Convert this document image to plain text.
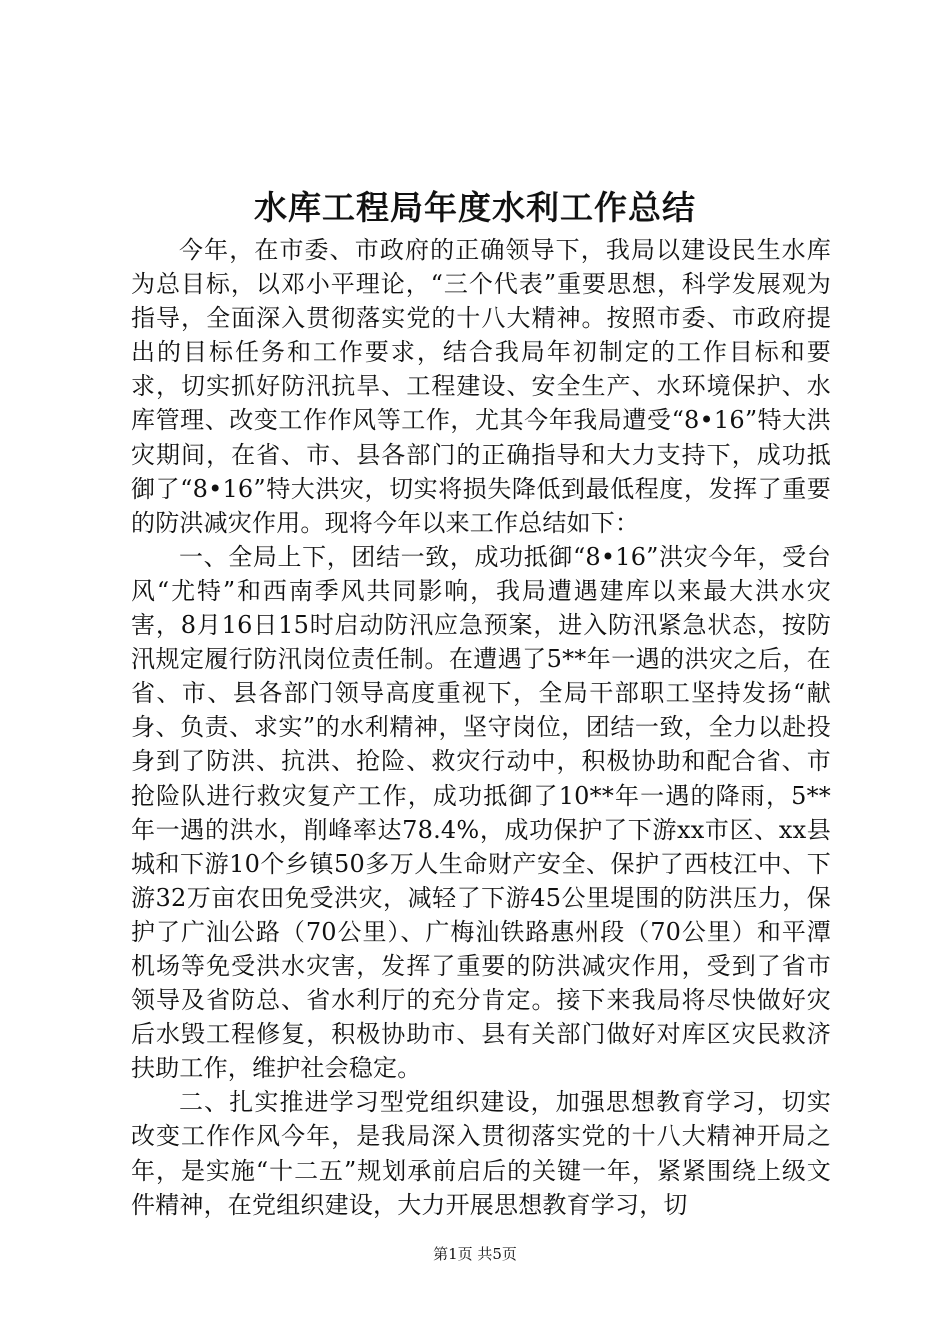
水库工程局年度水利工作总结

今年，在市委、市政府的正确领导下，我局以建设民生水库为总目标，以邓小平理论，“三个代表”重要思想，科学发展观为指导，全面深入贯彻落实党的十八大精神。按照市委、市政府提出的目标任务和工作要求，结合我局年初制定的工作目标和要求，切实抓好防汛抗旱、工程建设、安全生产、水环境保护、水库管理、改变工作作风等工作，尤其今年我局遭受“8•16”特大洪灾期间，在省、市、县各部门的正确指导和大力支持下，成功抵御了“8•16”特大洪灾，切实将损失降低到最低程度，发挥了重要的防洪减灾作用。现将今年以来工作总结如下：

一、全局上下，团结一致，成功抵御“8•16”洪灾今年，受台风“尤特”和西南季风共同影响，我局遭遇建库以来最大洪水灾害，8月16日15时启动防汛应急预案，进入防汛紧急状态，按防汛规定履行防汛岗位责任制。在遭遇了5**年一遇的洪灾之后，在省、市、县各部门领导高度重视下，全局干部职工坚持发扬“献身、负责、求实”的水利精神，坚守岗位，团结一致，全力以赴投身到了防洪、抗洪、抢险、救灾行动中，积极协助和配合省、市抢险队进行救灾复产工作，成功抵御了10**年一遇的降雨，5**年一遇的洪水，削峰率达78.4%，成功保护了下游xx市区、xx县城和下游10个乡镇50多万人生命财产安全、保护了西枝江中、下游32万亩农田免受洪灾，减轻了下游45公里堤围的防洪压力，保护了广汕公路（70公里）、广梅汕铁路惠州段（70公里）和平潭机场等免受洪水灾害，发挥了重要的防洪减灾作用，受到了省市领导及省防总、省水利厅的充分肯定。接下来我局将尽快做好灾后水毁工程修复，积极协助市、县有关部门做好对库区灾民救济扶助工作，维护社会稳定。

二、扎实推进学习型党组织建设，加强思想教育学习，切实改变工作作风今年，是我局深入贯彻落实党的十八大精神开局之年，是实施“十二五”规划承前启后的关键一年，紧紧围绕上级文件精神，在党组织建设，大力开展思想教育学习，切

第1页 共5页
